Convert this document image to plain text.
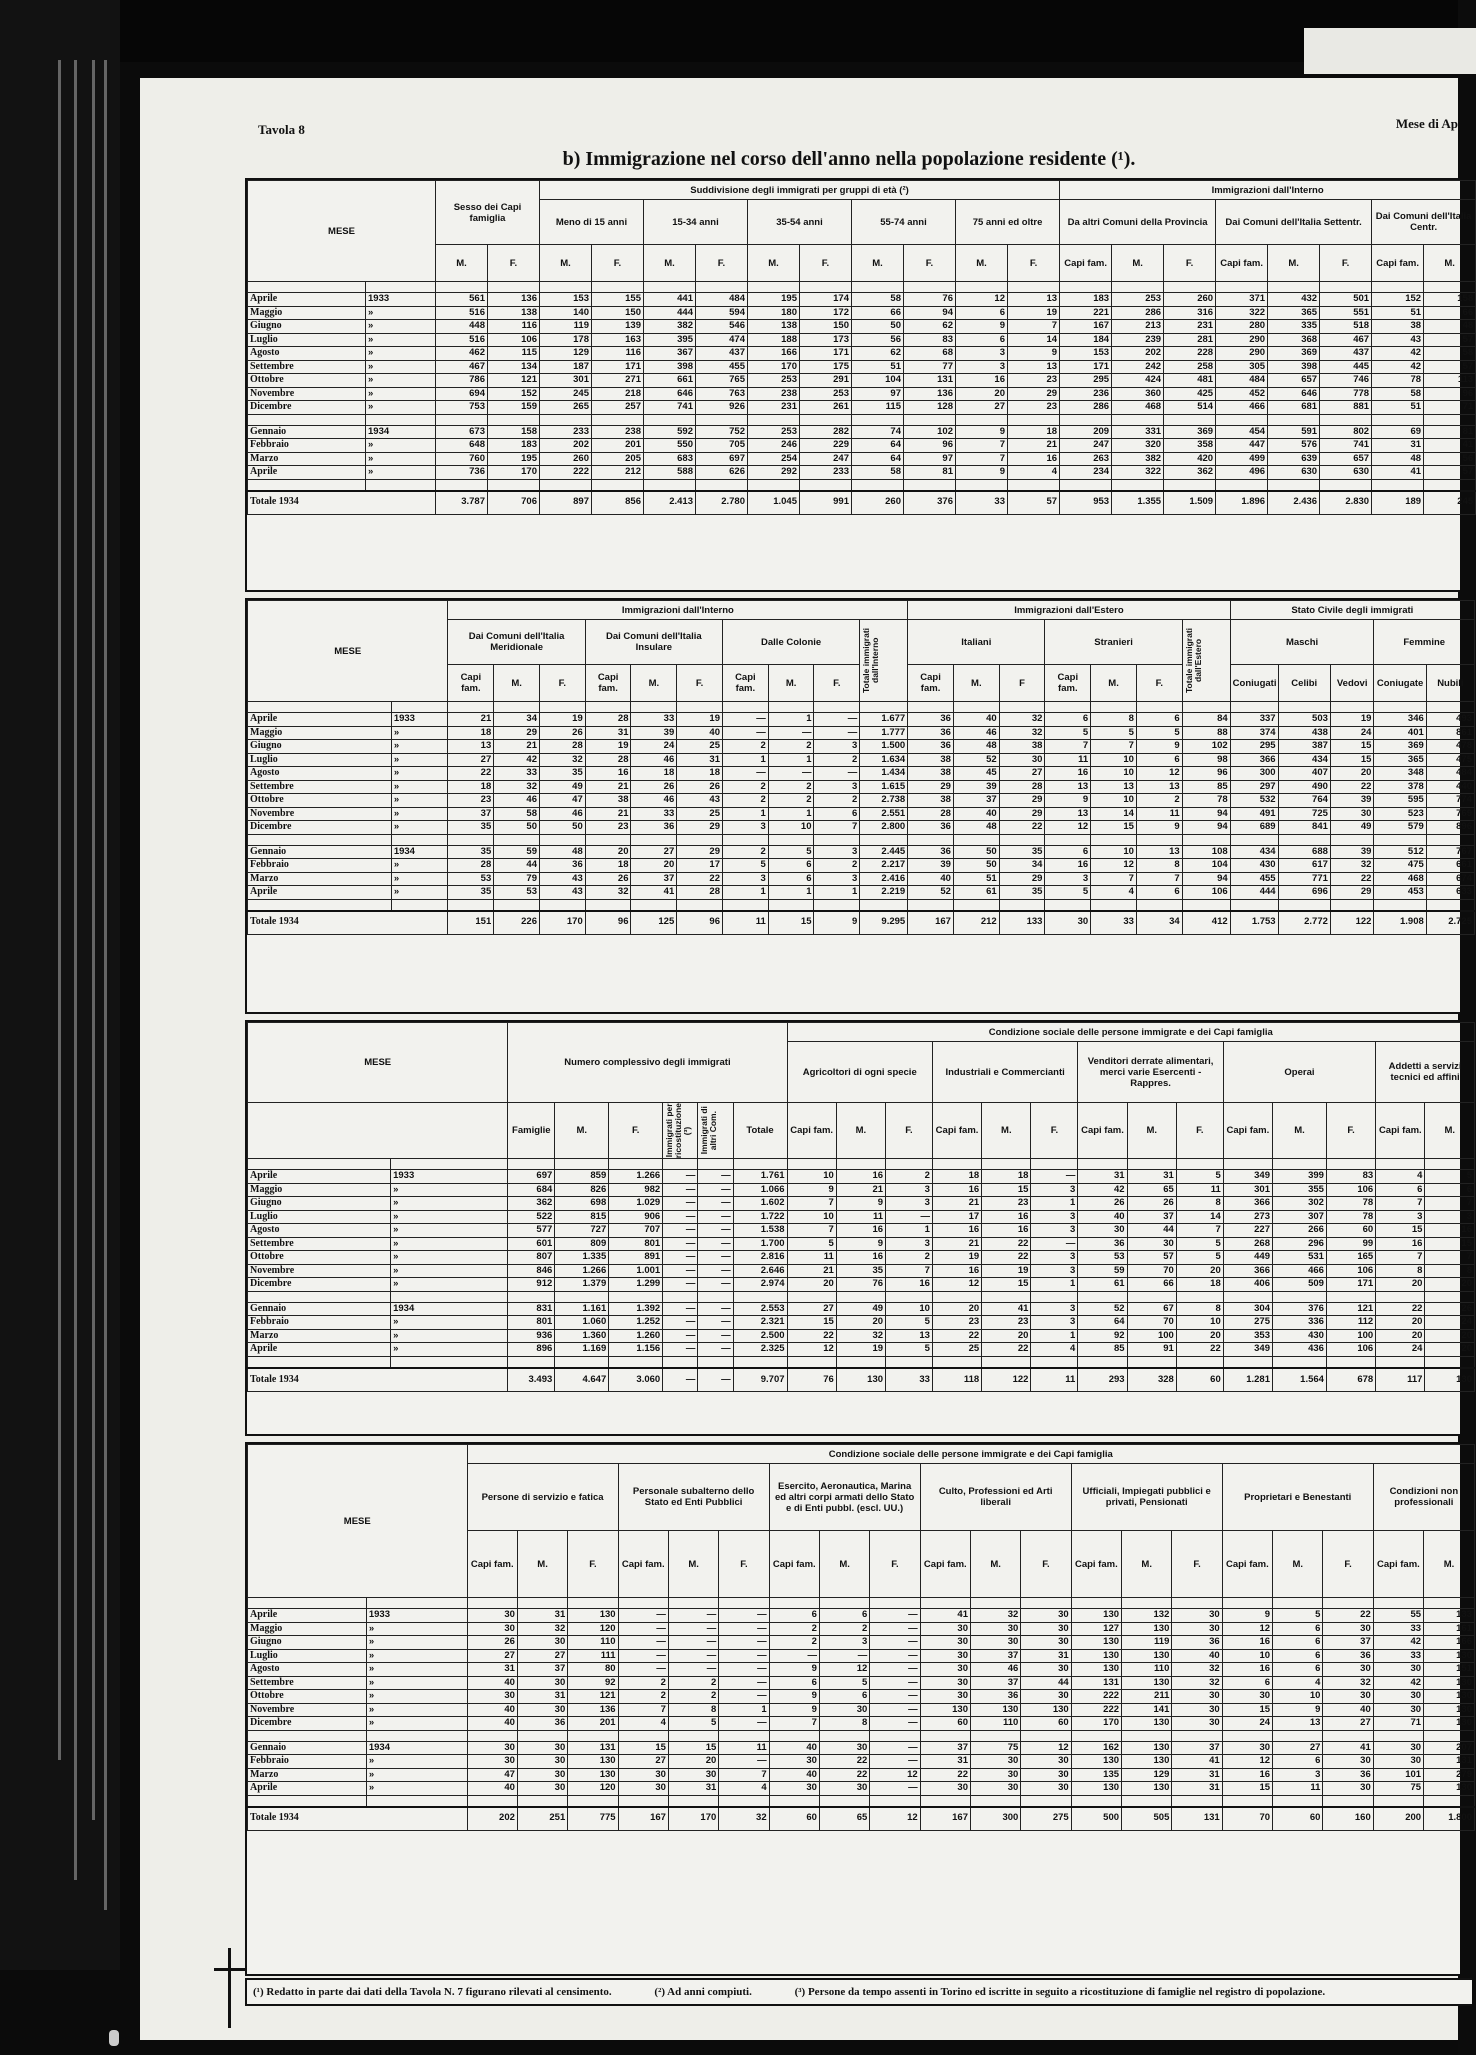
Tavola 8	Mese di Ap
b) Immigrazione nel corso dell'anno nella popolazione residente (¹).
MESE		Sesso dei Capi famiglia		Suddivisione degli immigrati per gruppi di età (²)										Immigrazioni dall'Interno							
				Meno di 15 anni		15-34 anni		35-54 anni		55-74 anni		75 anni ed oltre		Da altri Comuni della Provincia			Dai Comuni dell'Italia Settentr.			Dai Comuni dell'Italia Centr.	
		M.	F.	M.	F.	M.	F.	M.	F.	M.	F.	M.	F.	Capi fam.	M.	F.	Capi fam.	M.	F.	Capi fam.	M.

Aprile	1933	561	136	153	155	441	484	195	174	58	76	12	13	183	253	260	371	432	501	152	158
Maggio	»	516	138	140	150	444	594	180	172	66	94	6	19	221	286	316	322	365	551	51	66
Giugno	»	448	116	119	139	382	546	138	150	50	62	9	7	167	213	231	280	335	518	38	48
Luglio	»	516	106	178	163	395	474	188	173	56	83	6	14	184	239	281	290	368	467	43	57
Agosto	»	462	115	129	116	367	437	166	171	62	68	3	9	153	202	228	290	369	437	42	58
Settembre	»	467	134	187	171	398	455	170	175	51	77	3	13	171	242	258	305	398	445	42	57
Ottobre	»	786	121	301	271	661	765	253	291	104	131	16	23	295	424	481	484	657	746	78	113
Novembre	»	694	152	245	218	646	763	238	253	97	136	20	29	236	360	425	452	646	778	58	96
Dicembre	»	753	159	265	257	741	926	231	261	115	128	27	23	286	468	514	466	681	881	51	71

Gennaio	1934	673	158	233	238	592	752	253	282	74	102	9	18	209	331	369	454	591	802	69	81
Febbraio	»	648	183	202	201	550	705	246	229	64	96	7	21	247	320	358	447	576	741	31	41
Marzo	»	760	195	260	205	683	697	254	247	64	97	7	16	263	382	420	499	639	657	48	56
Aprile	»	736	170	222	212	588	626	292	233	58	81	9	4	234	322	362	496	630	630	41	57

Totale 1934		3.787	706	897	856	2.413	2.780	1.045	991	260	376	33	57	953	1.355	1.509	1.896	2.436	2.830	189	245
MESE		Immigrazioni dall'Interno										Immigrazioni dall'Estero							Stato Civile degli immigrati				
		Dai Comuni dell'Italia Meridionale			Dai Comuni dell'Italia Insulare			Dalle Colonie			Totale immigrati dall'Interno	Italiani			Stranieri			Totale immigrati dall'Estero	Maschi			Femmine	
		Capi fam.	M.	F.	Capi fam.	M.	F.	Capi fam.	M.	F.		Capi fam.	M.	F	Capi fam.	M.	F.		Coniugati	Celibi	Vedovi	Coniugate	Nubili

Aprile	1933	21	34	19	28	33	19	—	1	—	1.677	36	40	32	6	8	6	84	337	503	19	346	493
Maggio	»	18	29	26	31	39	40	—	—	—	1.777	36	46	32	5	5	5	88	374	438	24	401	861
Giugno	»	13	21	28	19	24	25	2	2	3	1.500	36	48	38	7	7	9	102	295	387	15	369	478
Luglio	»	27	42	32	28	46	31	1	1	2	1.634	38	52	30	11	10	6	98	366	434	15	365	475
Agosto	»	22	33	35	16	18	18	—	—	—	1.434	38	45	27	16	10	12	96	300	407	20	348	484
Settembre	»	18	32	49	21	26	26	2	2	3	1.615	29	39	28	13	13	13	85	297	490	22	378	440
Ottobre	»	23	46	47	38	46	43	2	2	2	2.738	38	37	29	9	10	2	78	532	764	39	595	774
Novembre	»	37	58	46	21	33	25	1	1	6	2.551	28	40	29	13	14	11	94	491	725	30	523	769
Dicembre	»	35	50	50	23	36	29	3	10	7	2.800	36	48	22	12	15	9	94	689	841	49	579	896

Gennaio	1934	35	59	48	20	27	29	2	5	3	2.445	36	50	35	6	10	13	108	434	688	39	512	767
Febbraio	»	28	44	36	18	20	17	5	6	2	2.217	39	50	34	16	12	8	104	430	617	32	475	661
Marzo	»	53	79	43	26	37	22	3	6	3	2.416	40	51	29	3	7	7	94	455	771	22	468	674
Aprile	»	35	53	43	32	41	28	1	1	1	2.219	52	61	35	5	4	6	106	444	696	29	453	633

Totale 1934		151	226	170	96	125	96	11	15	9	9.295	167	212	133	30	33	34	412	1.753	2.772	122	1.908	2.725
MESE		Numero complessivo degli immigrati						Condizione sociale delle persone immigrate e dei Capi famiglia													
								Agricoltori di ogni specie			Industriali e Commercianti			Venditori derrate alimentari, merci varie Esercenti - Rappres.			Operai			Addetti a servizi tecnici ed affini	
		Famiglie	M.	F.	Immigrati per ricostituzione (³)	Immigrati di altri Com.	Totale	Capi fam.	M.	F.	Capi fam.	M.	F.	Capi fam.	M.	F.	Capi fam.	M.	F.	Capi fam.	M.

Aprile	1933	697	859	1.266	—	—	1.761	10	16	2	18	18	—	31	31	5	349	399	83	4	5
Maggio	»	684	826	982	—	—	1.066	9	21	3	16	15	3	42	65	11	301	355	106	6	6
Giugno	»	362	698	1.029	—	—	1.602	7	9	3	21	23	1	26	26	8	366	302	78	7	7
Luglio	»	522	815	906	—	—	1.722	10	11	—	17	16	3	40	37	14	273	307	78	3	3
Agosto	»	577	727	707	—	—	1.538	7	16	1	16	16	3	30	44	7	227	266	60	15	16
Settembre	»	601	809	801	—	—	1.700	5	9	3	21	22	—	36	30	5	268	296	99	16	15
Ottobre	»	807	1.335	891	—	—	2.816	11	16	2	19	22	3	53	57	5	449	531	165	7	7
Novembre	»	846	1.266	1.001	—	—	2.646	21	35	7	16	19	3	59	70	20	366	466	106	8	8
Dicembre	»	912	1.379	1.299	—	—	2.974	20	76	16	12	15	1	61	66	18	406	509	171	20	20

Gennaio	1934	831	1.161	1.392	—	—	2.553	27	49	10	20	41	3	52	67	8	304	376	121	22	26
Febbraio	»	801	1.060	1.252	—	—	2.321	15	20	5	23	23	3	64	70	10	275	336	112	20	24
Marzo	»	936	1.360	1.260	—	—	2.500	22	32	13	22	20	1	92	100	20	353	430	100	20	20
Aprile	»	896	1.169	1.156	—	—	2.325	12	19	5	25	22	4	85	91	22	349	436	106	24	20

Totale 1934		3.493	4.647	3.060	—	—	9.707	76	130	33	118	122	11	293	328	60	1.281	1.564	678	117	130
MESE		Condizione sociale delle persone immigrate e dei Capi famiglia																			
		Persone di servizio e fatica			Personale subalterno dello Stato ed Enti Pubblici			Esercito, Aeronautica, Marina ed altri corpi armati dello Stato e di Enti pubbl. (escl. UU.)			Culto, Professioni ed Arti liberali			Ufficiali, Impiegati pubblici e privati, Pensionati			Proprietari e Benestanti			Condizioni non professionali	
		Capi fam.	M.	F.	Capi fam.	M.	F.	Capi fam.	M.	F.	Capi fam.	M.	F.	Capi fam.	M.	F.	Capi fam.	M.	F.	Capi fam.	M.

Aprile	1933	30	31	130	—	—	—	6	6	—	41	32	30	130	132	30	9	5	22	55	133
Maggio	»	30	32	120	—	—	—	2	2	—	30	30	30	127	130	30	12	6	30	33	161
Giugno	»	26	30	110	—	—	—	2	3	—	30	30	30	130	119	36	16	6	37	42	166
Luglio	»	27	27	111	—	—	—	—	—	—	30	37	31	130	130	40	10	6	36	33	130
Agosto	»	31	37	80	—	—	—	9	12	—	30	46	30	130	110	32	16	6	30	30	151
Settembre	»	40	30	92	2	2	—	6	5	—	30	37	44	131	130	32	6	4	32	42	130
Ottobre	»	30	31	121	2	2	—	9	6	—	30	36	30	222	211	30	30	10	30	30	130
Novembre	»	40	30	136	7	8	1	9	30	—	130	130	130	222	141	30	15	9	40	30	130
Dicembre	»	40	36	201	4	5	—	7	8	—	60	110	60	170	130	30	24	13	27	71	130

Gennaio	1934	30	30	131	15	15	11	40	30	—	37	75	12	162	130	37	30	27	41	30	207
Febbraio	»	30	30	130	27	20	—	30	22	—	31	30	30	130	130	41	12	6	30	30	131
Marzo	»	47	30	130	30	30	7	40	22	12	22	30	30	135	129	31	16	3	36	101	279
Aprile	»	40	30	120	30	31	4	30	30	—	30	30	30	130	130	31	15	11	30	75	130

Totale 1934		202	251	775	167	170	32	60	65	12	167	300	275	500	505	131	70	60	160	200	1.800
(¹) Redatto in parte dai dati della Tavola N. 7 figurano rilevati al censimento.	(²) Ad anni compiuti.	(³) Persone da tempo assenti in Torino ed iscritte in seguito a ricostituzione di famiglie nel registro di popolazione.
